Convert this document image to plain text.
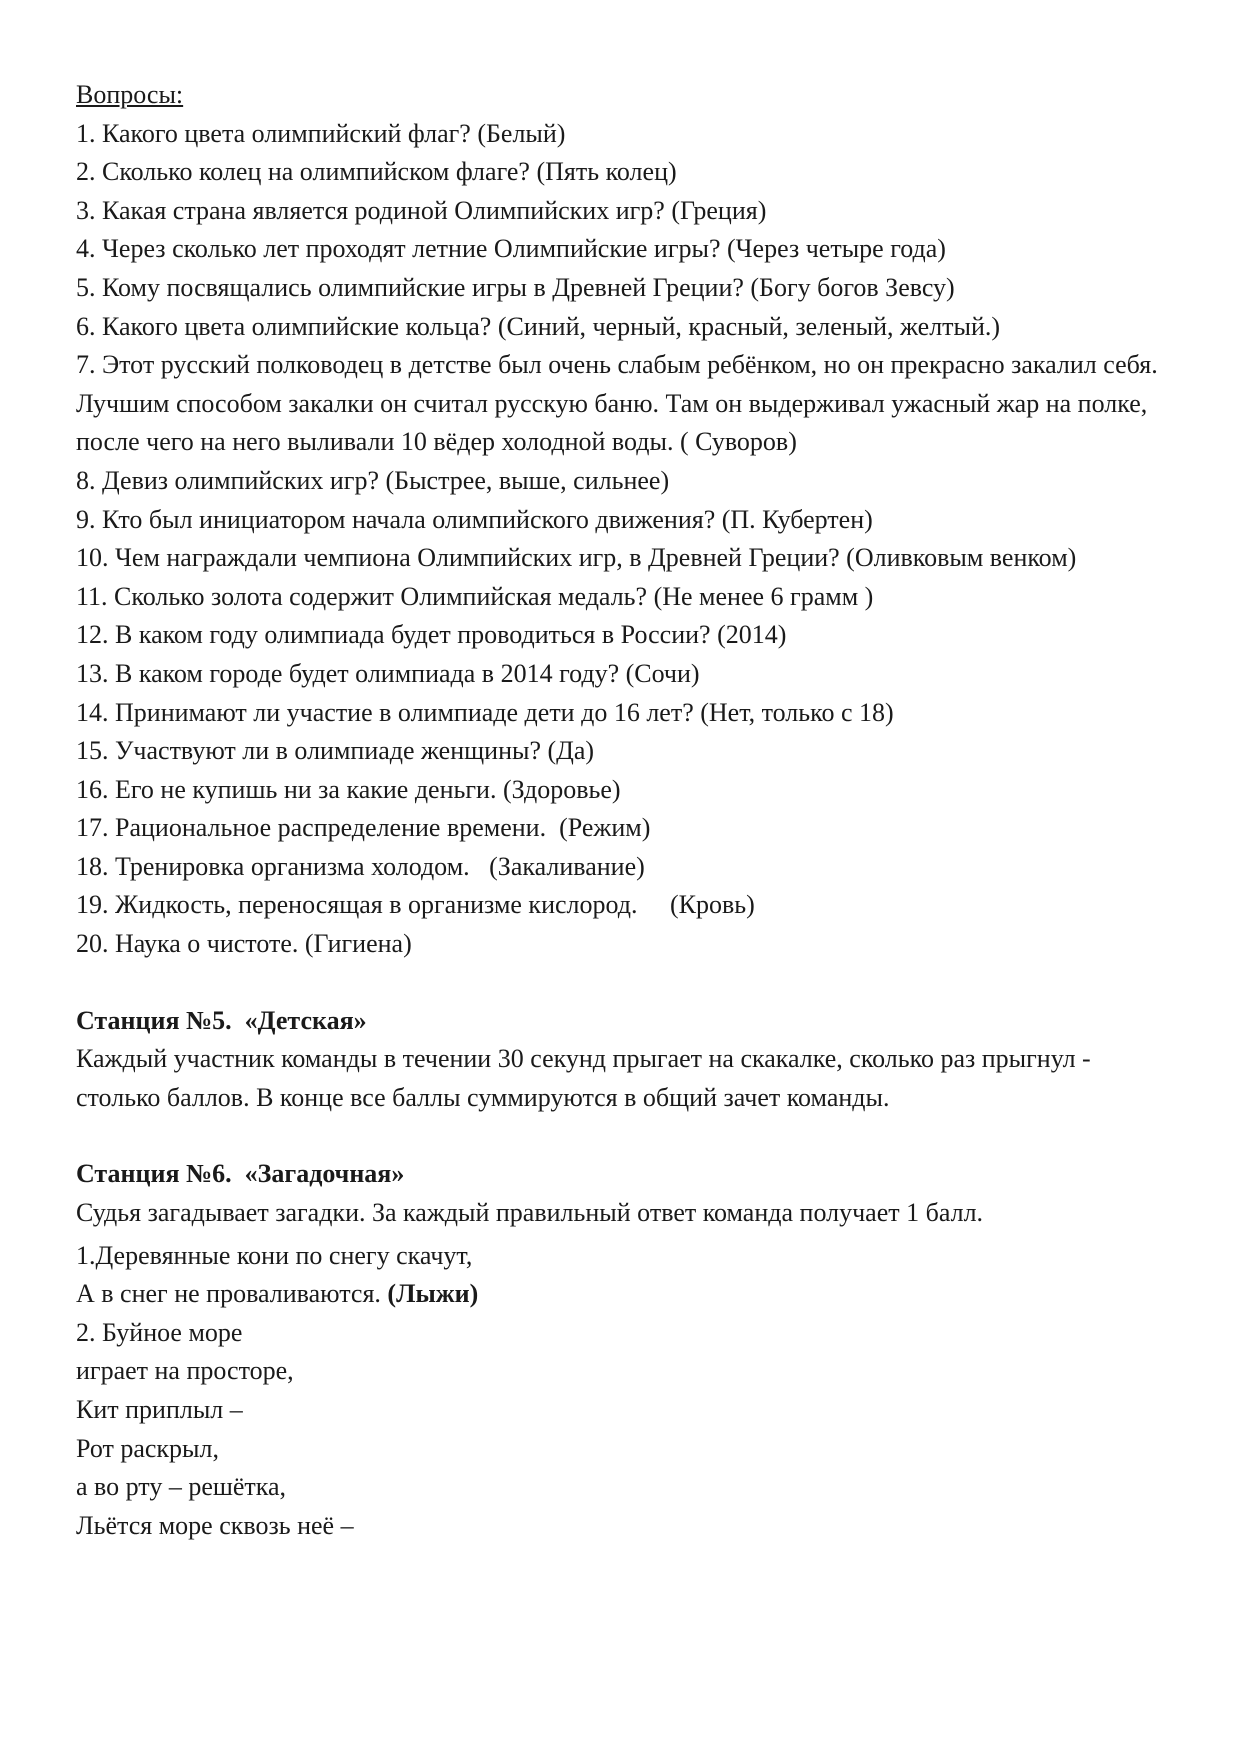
Вопросы:
1. Какого цвета олимпийский флаг? (Белый)
2. Сколько колец на олимпийском флаге? (Пять колец)
3. Какая страна является родиной Олимпийских игр? (Греция)
4. Через сколько лет проходят летние Олимпийские игры? (Через четыре года)
5. Кому посвящались олимпийские игры в Древней Греции? (Богу богов Зевсу)
6. Какого цвета олимпийские кольца? (Синий, черный, красный, зеленый, желтый.)
7. Этот русский полководец в детстве был очень слабым ребёнком, но он прекрасно закалил себя. Лучшим способом закалки он считал русскую баню. Там он выдерживал ужасный жар на полке, после чего на него выливали 10 вёдер холодной воды. ( Суворов)
8. Девиз олимпийских игр? (Быстрее, выше, сильнее)
9. Кто был инициатором начала олимпийского движения? (П. Кубертен)
10. Чем награждали чемпиона Олимпийских игр, в Древней Греции? (Оливковым венком)
11. Сколько золота содержит Олимпийская медаль? (Не менее 6 грамм )
12. В каком году олимпиада будет проводиться в России? (2014)
13. В каком городе будет олимпиада в 2014 году? (Сочи)
14. Принимают ли участие в олимпиаде дети до 16 лет? (Нет, только с 18)
15. Участвуют ли в олимпиаде женщины? (Да)
16. Его не купишь ни за какие деньги. (Здоровье)
17. Рациональное распределение времени.  (Режим)
18. Тренировка организма холодом.   (Закаливание)
19. Жидкость, переносящая в организме кислород.     (Кровь)
20. Наука о чистоте. (Гигиена)
Станция №5.  «Детская»
Каждый участник команды в течении 30 секунд прыгает на скакалке, сколько раз прыгнул -  столько баллов. В конце все баллы суммируются в общий зачет команды.
Станция №6.  «Загадочная»
Судья загадывает загадки. За каждый правильный ответ команда получает 1 балл.
1.Деревянные кони по снегу скачут,
А в снег не проваливаются. (Лыжи)
2. Буйное море
играет на просторе,
Кит приплыл –
Рот раскрыл,
а во рту – решётка,
Льётся море сквозь неё –
